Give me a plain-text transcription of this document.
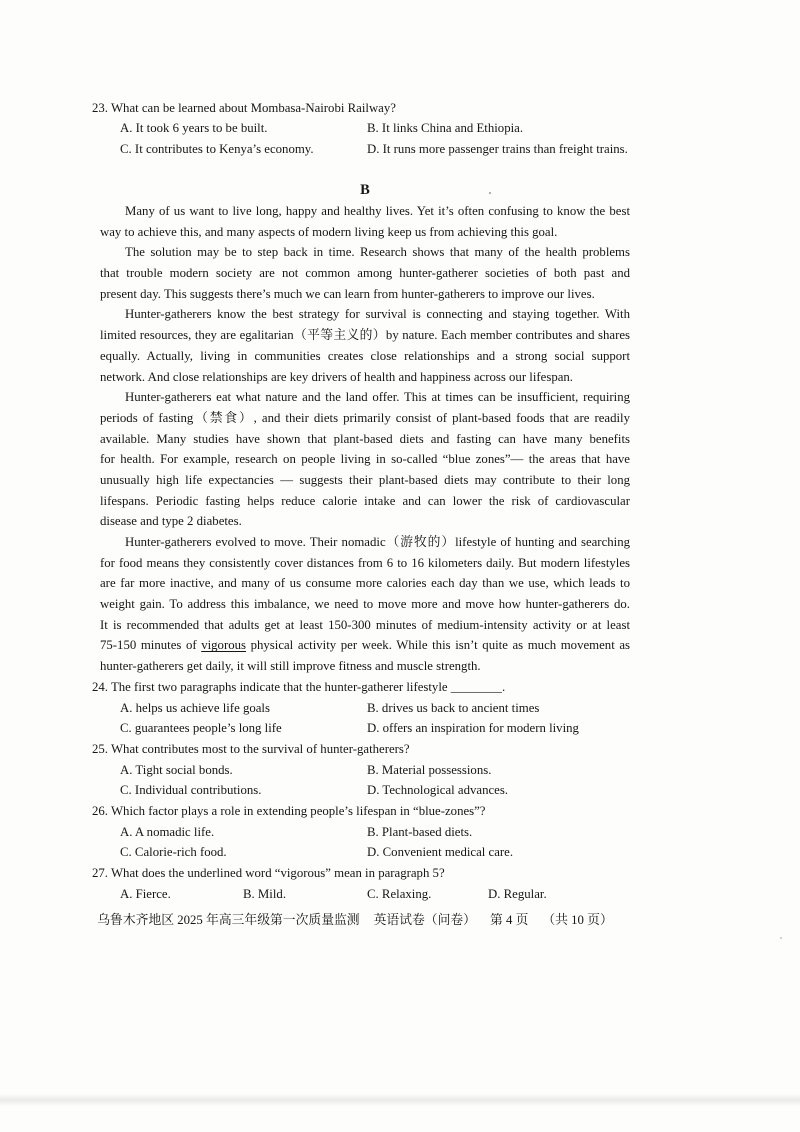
23. What can be learned about Mombasa-Nairobi Railway?
A. It took 6 years to be built.	B. It links China and Ethiopia.
C. It contributes to Kenya’s economy.	D. It runs more passenger trains than freight trains.
B
Many of us want to live long, happy and healthy lives. Yet it’s often confusing to know the best
way to achieve this, and many aspects of modern living keep us from achieving this goal.
The solution may be to step back in time. Research shows that many of the health problems
that trouble modern society are not common among hunter-gatherer societies of both past and
present day. This suggests there’s much we can learn from hunter-gatherers to improve our lives.
Hunter-gatherers know the best strategy for survival is connecting and staying together. With
limited resources, they are egalitarian（平等主义的）by nature. Each member contributes and shares
equally. Actually, living in communities creates close relationships and a strong social support
network. And close relationships are key drivers of health and happiness across our lifespan.
Hunter-gatherers eat what nature and the land offer. This at times can be insufficient, requiring
periods of fasting（禁食）, and their diets primarily consist of plant-based foods that are readily
available. Many studies have shown that plant-based diets and fasting can have many benefits
for health. For example, research on people living in so-called “blue zones”— the areas that have
unusually high life expectancies — suggests their plant-based diets may contribute to their long
lifespans. Periodic fasting helps reduce calorie intake and can lower the risk of cardiovascular
disease and type 2 diabetes.
Hunter-gatherers evolved to move. Their nomadic（游牧的）lifestyle of hunting and searching
for food means they consistently cover distances from 6 to 16 kilometers daily. But modern lifestyles
are far more inactive, and many of us consume more calories each day than we use, which leads to
weight gain. To address this imbalance, we need to move more and move how hunter-gatherers do.
It is recommended that adults get at least 150-300 minutes of medium-intensity activity or at least
75-150 minutes of vigorous physical activity per week. While this isn’t quite as much movement as
hunter-gatherers get daily, it will still improve fitness and muscle strength.
24. The first two paragraphs indicate that the hunter-gatherer lifestyle ________.
A. helps us achieve life goals	B. drives us back to ancient times
C. guarantees people’s long life	D. offers an inspiration for modern living
25. What contributes most to the survival of hunter-gatherers?
A. Tight social bonds.	B. Material possessions.
C. Individual contributions.	D. Technological advances.
26. Which factor plays a role in extending people’s lifespan in “blue-zones”?
A. A nomadic life.	B. Plant-based diets.
C. Calorie-rich food.	D. Convenient medical care.
27. What does the underlined word “vigorous” mean in paragraph 5?
A. Fierce.	B. Mild.	C. Relaxing.	D. Regular.
乌鲁木齐地区 2025 年高三年级第一次质量监测 英语试卷（问卷） 第 4 页 （共 10 页）
